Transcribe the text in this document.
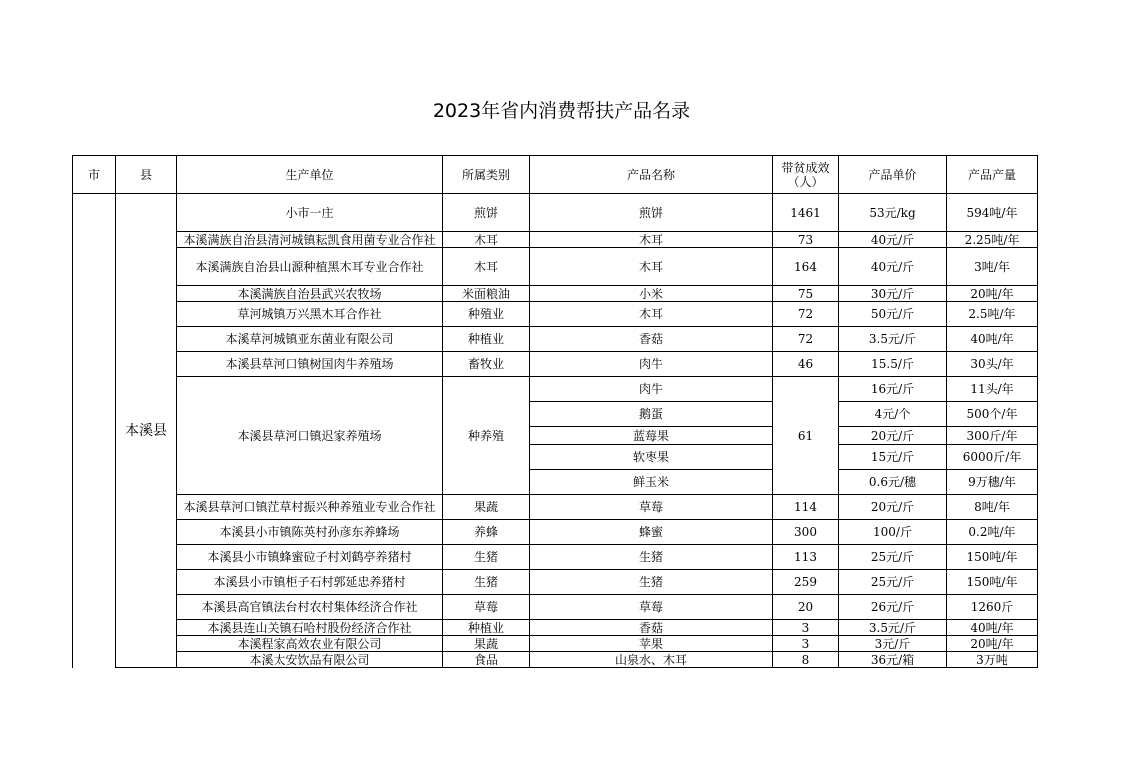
2023年省内消费帮扶产品名录
市	县	生产单位	所属类别	产品名称	带贫成效（人）	产品单价	产品产量
	本溪县	小市一庄	煎饼	煎饼	1461	53元/kg	594吨/年
		本溪满族自治县清河城镇耘凯食用菌专业合作社	木耳	木耳	73	40元/斤	2.25吨/年
		本溪满族自治县山源种植黑木耳专业合作社	木耳	木耳	164	40元/斤	3吨/年
		本溪满族自治县武兴农牧场	米面粮油	小米	75	30元/斤	20吨/年
		草河城镇万兴黑木耳合作社	种殖业	木耳	72	50元/斤	2.5吨/年
		本溪草河城镇亚东菌业有限公司	种植业	香菇	72	3.5元/斤	40吨/年
		本溪县草河口镇树国肉牛养殖场	畜牧业	肉牛	46	15.5/斤	30头/年
		本溪县草河口镇迟家养殖场	种养殖	肉牛	61	16元/斤	11头/年
				鹅蛋		4元/个	500个/年
				蓝莓果		20元/斤	300斤/年
				软枣果		15元/斤	6000斤/年
				鲜玉米		0.6元/穗	9万穗/年
		本溪县草河口镇茳草村振兴种养殖业专业合作社	果蔬	草莓	114	20元/斤	8吨/年
		本溪县小市镇陈英村孙彦东养蜂场	养蜂	蜂蜜	300	100/斤	0.2吨/年
		本溪县小市镇蜂蜜砬子村刘鹤亭养猪村	生猪	生猪	113	25元/斤	150吨/年
		本溪县小市镇柜子石村郭延忠养猪村	生猪	生猪	259	25元/斤	150吨/年
		本溪县高官镇法台村农村集体经济合作社	草莓	草莓	20	26元/斤	1260斤
		本溪县连山关镇石哈村股份经济合作社	种植业	香菇	3	3.5元/斤	40吨/年
		本溪程家高效农业有限公司	果蔬	苹果	3	3元/斤	20吨/年
		本溪太安饮品有限公司	食品	山泉水、木耳	8	36元/箱	3万吨
